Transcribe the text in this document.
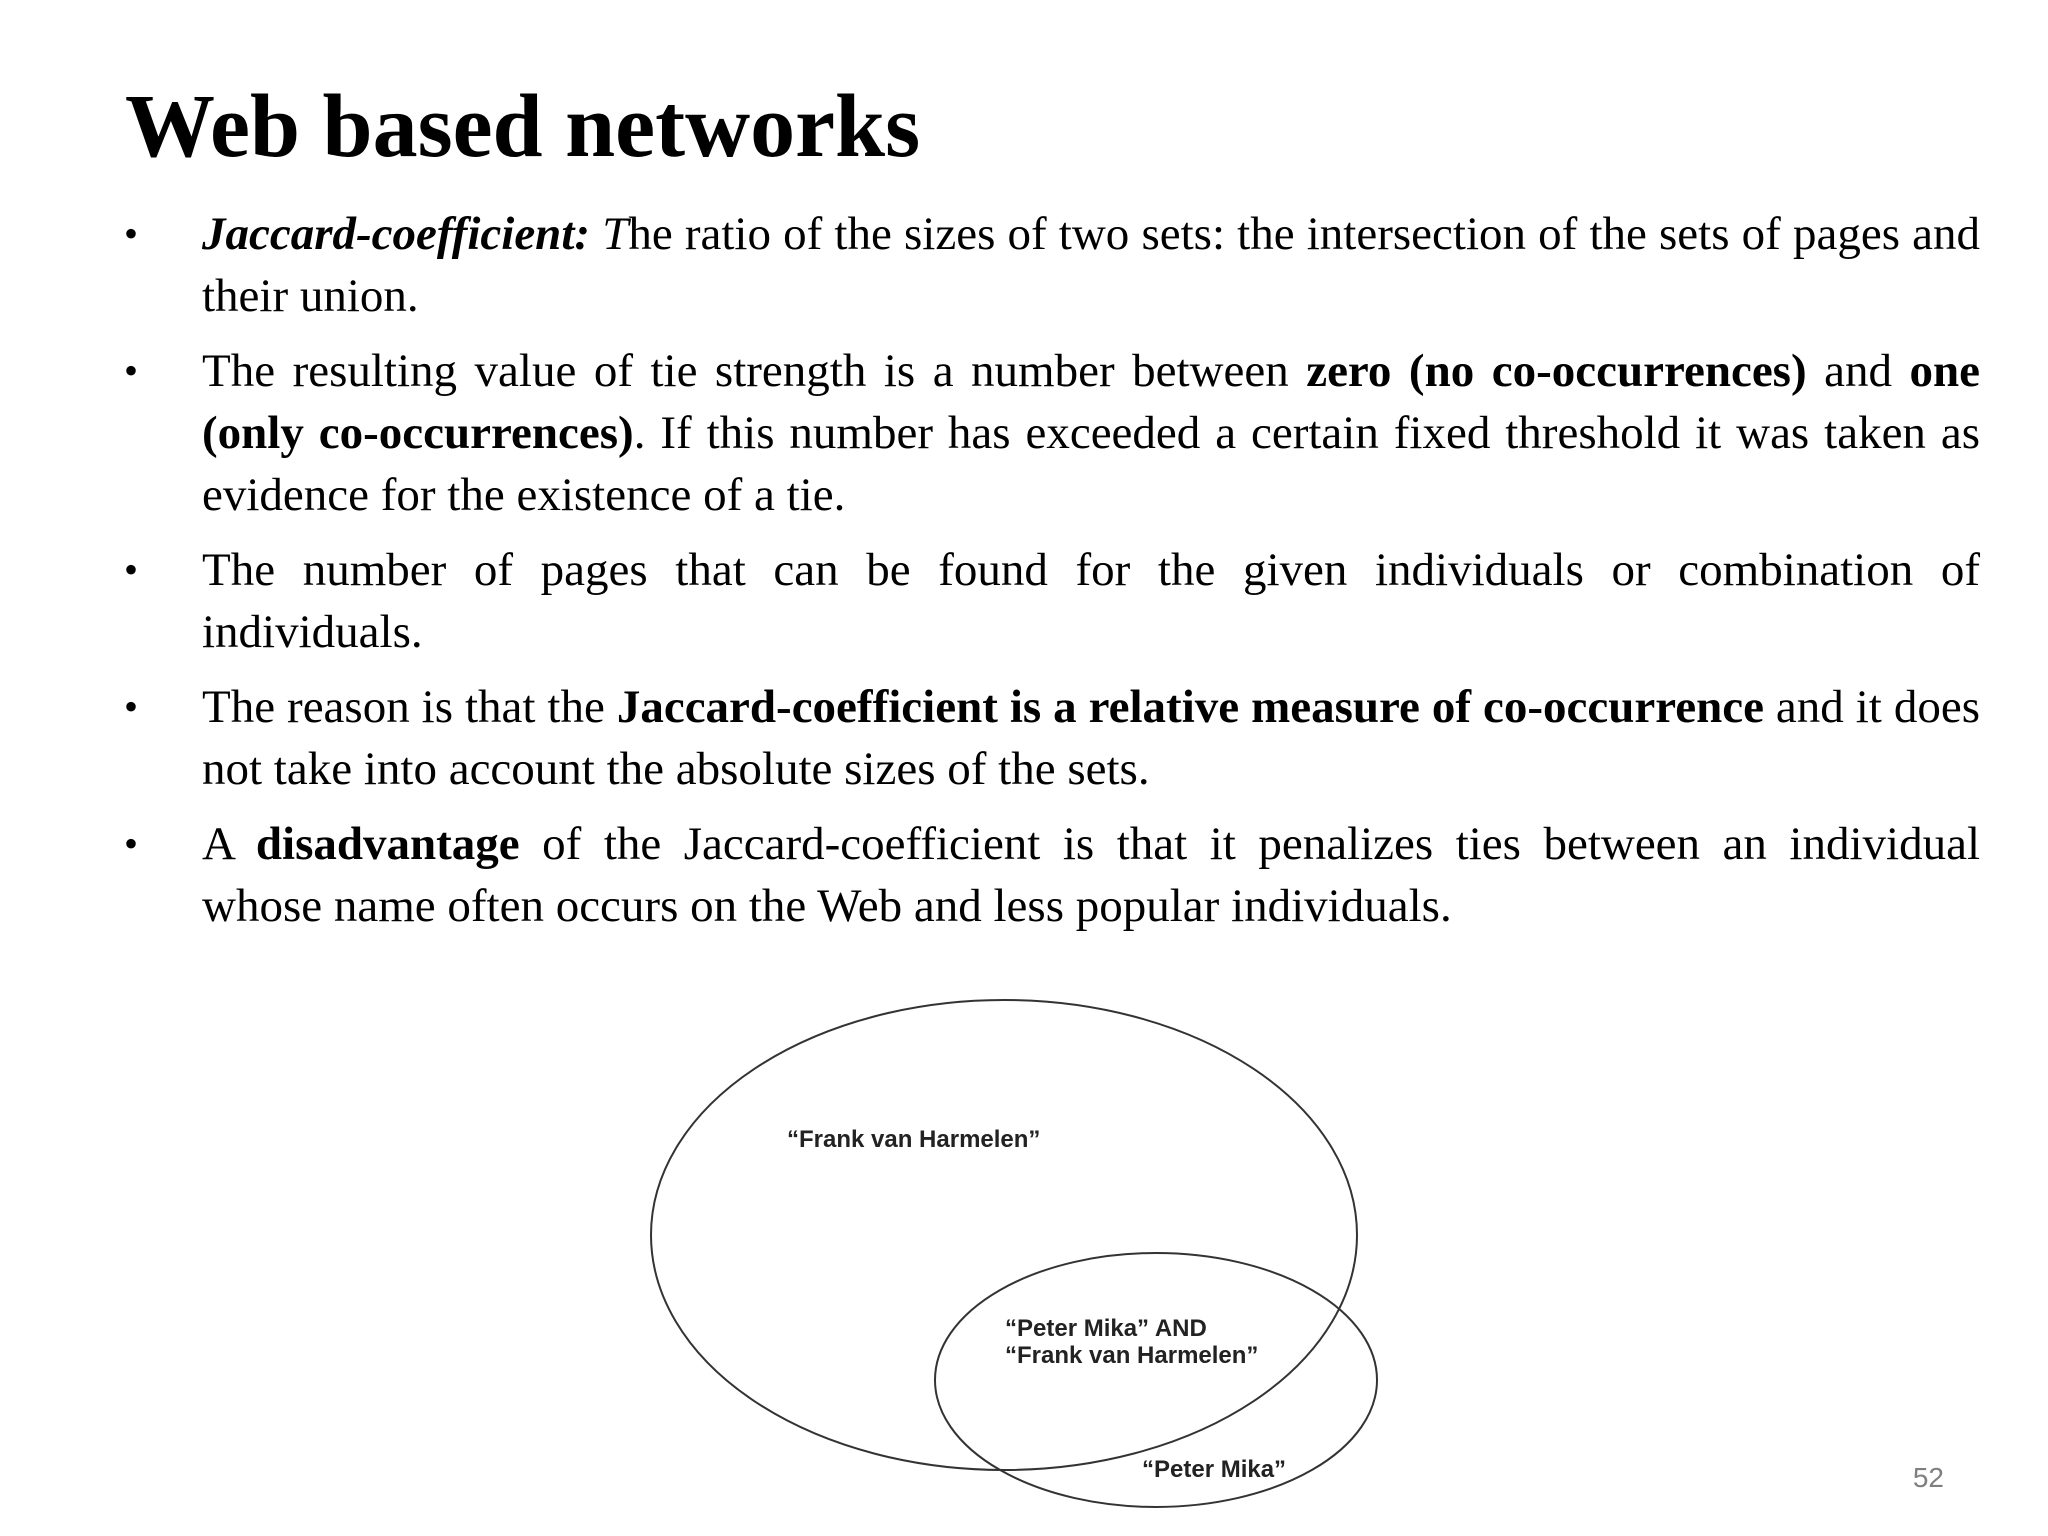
Web based networks
• Jaccard-coefficient: The ratio of the sizes of two sets: the intersection of the sets of pages and their union.
• The resulting value of tie strength is a number between zero (no co-occurrences) and one (only co-occurrences). If this number has exceeded a certain fixed threshold it was taken as evidence for the existence of a tie.
• The number of pages that can be found for the given individuals or combination of individuals.
• The reason is that the Jaccard-coefficient is a relative measure of co-occurrence and it does not take into account the absolute sizes of the sets.
• A disadvantage of the Jaccard-coefficient is that it penalizes ties between an individual whose name often occurs on the Web and less popular individuals.
“Frank van Harmelen”
“Peter Mika” AND
“Frank van Harmelen”
“Peter Mika”	52
